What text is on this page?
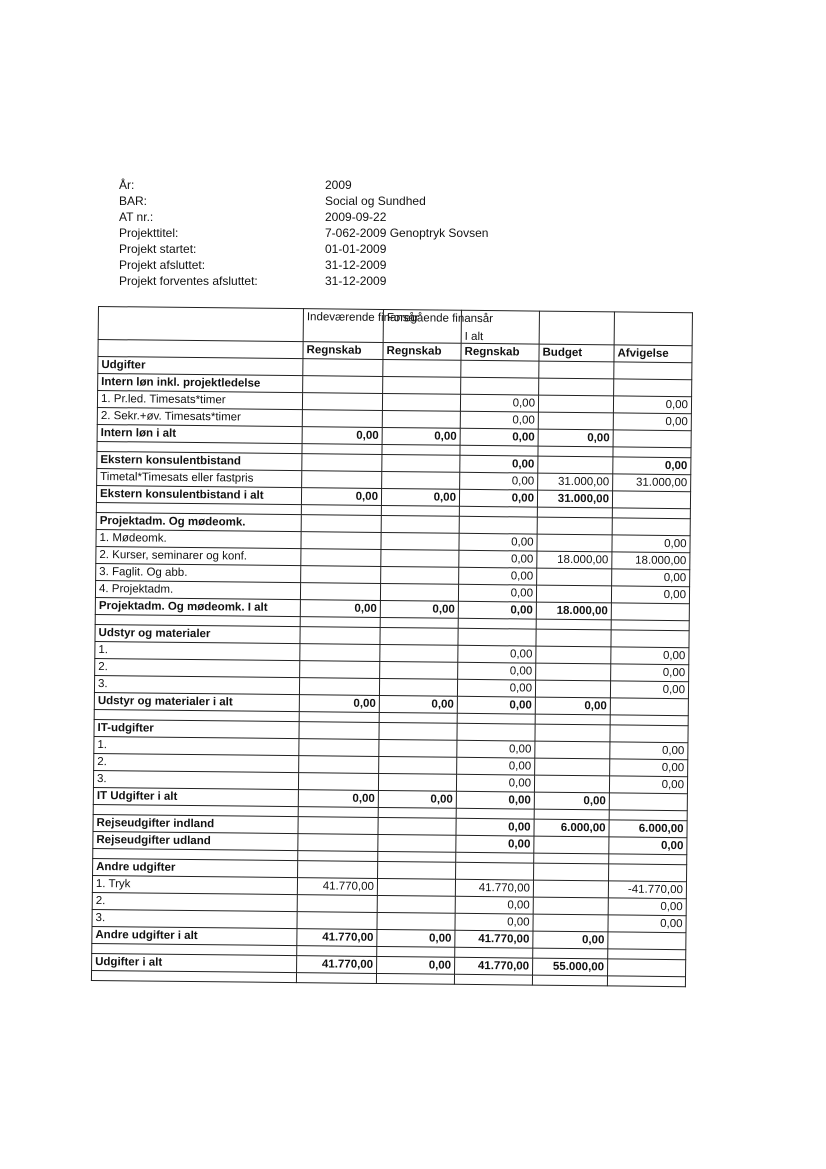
År:	2009
BAR:	Social og Sundhed
AT nr.:	2009-09-22
Projekttitel:	7-062-2009 Genoptryk Sovsen
Projekt startet:	01-01-2009
Projekt afsluttet:	31-12-2009
Projekt forventes afsluttet:	31-12-2009
	Indeværende finansår	Foregående finansår	I alt		
	Regnskab	Regnskab	Regnskab	Budget	Afvigelse
Udgifter					
Intern løn inkl. projektledelse					
1. Pr.led. Timesats*timer			0,00		0,00
2. Sekr.+øv. Timesats*timer			0,00		0,00
Intern løn i alt	0,00	0,00	0,00	0,00	

Ekstern konsulentbistand			0,00		0,00
Timetal*Timesats eller fastpris			0,00	31.000,00	31.000,00
Ekstern konsulentbistand i alt	0,00	0,00	0,00	31.000,00	

Projektadm. Og mødeomk.					
1. Mødeomk.			0,00		0,00
2. Kurser, seminarer og konf.			0,00	18.000,00	18.000,00
3. Faglit. Og abb.			0,00		0,00
4. Projektadm.			0,00		0,00
Projektadm. Og mødeomk. I alt	0,00	0,00	0,00	18.000,00	

Udstyr og materialer					
1.			0,00		0,00
2.			0,00		0,00
3.			0,00		0,00
Udstyr og materialer i alt	0,00	0,00	0,00	0,00	

IT-udgifter					
1.			0,00		0,00
2.			0,00		0,00
3.			0,00		0,00
IT Udgifter i alt	0,00	0,00	0,00	0,00	

Rejseudgifter indland			0,00	6.000,00	6.000,00
Rejseudgifter udland			0,00		0,00

Andre udgifter					
1. Tryk	41.770,00		41.770,00		-41.770,00
2.			0,00		0,00
3.			0,00		0,00
Andre udgifter i alt	41.770,00	0,00	41.770,00	0,00	

Udgifter i alt	41.770,00	0,00	41.770,00	55.000,00	
